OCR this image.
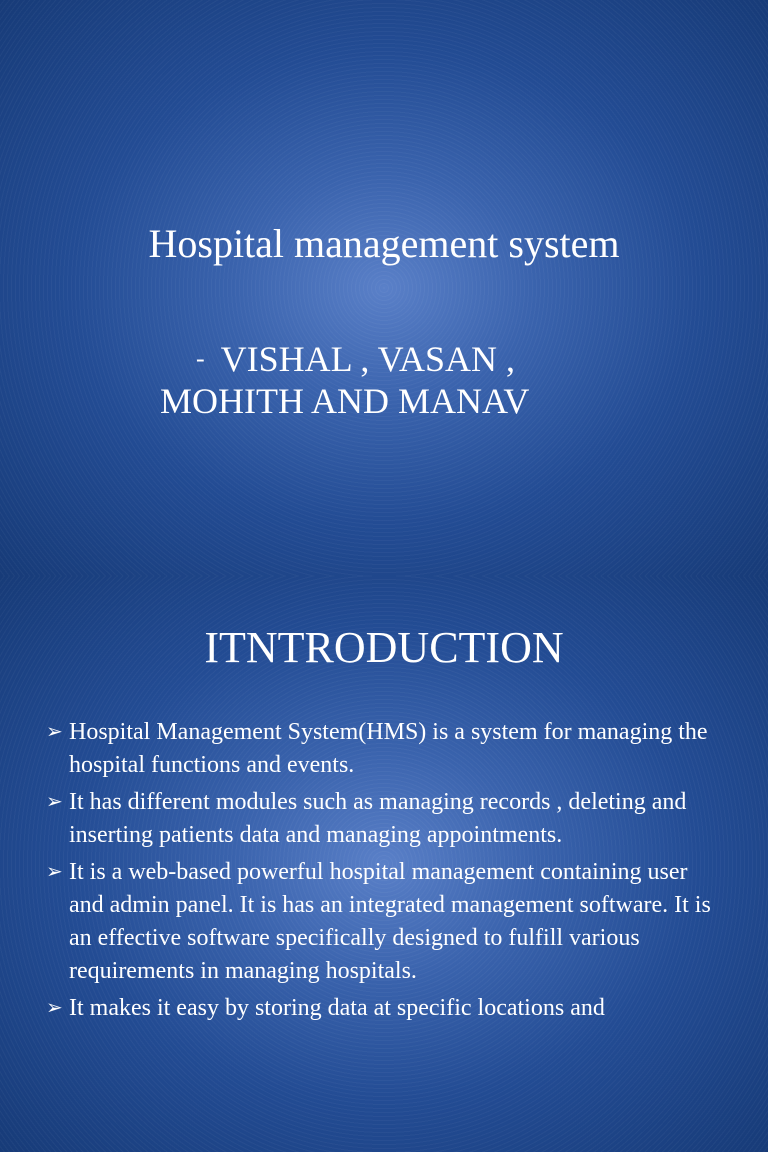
Hospital management system
- VISHAL , VASAN ,
MOHITH AND MANAV
ITNTRODUCTION
➢ Hospital Management System(HMS) is a system for managing the hospital functions and events.
➢ It has different modules such as managing records , deleting and inserting patients data and managing appointments.
➢ It is a web-based powerful hospital management containing user and admin panel. It is has an integrated management software. It is an effective software specifically designed to fulfill various requirements in managing hospitals.
➢ It makes it easy by storing data at specific locations and
